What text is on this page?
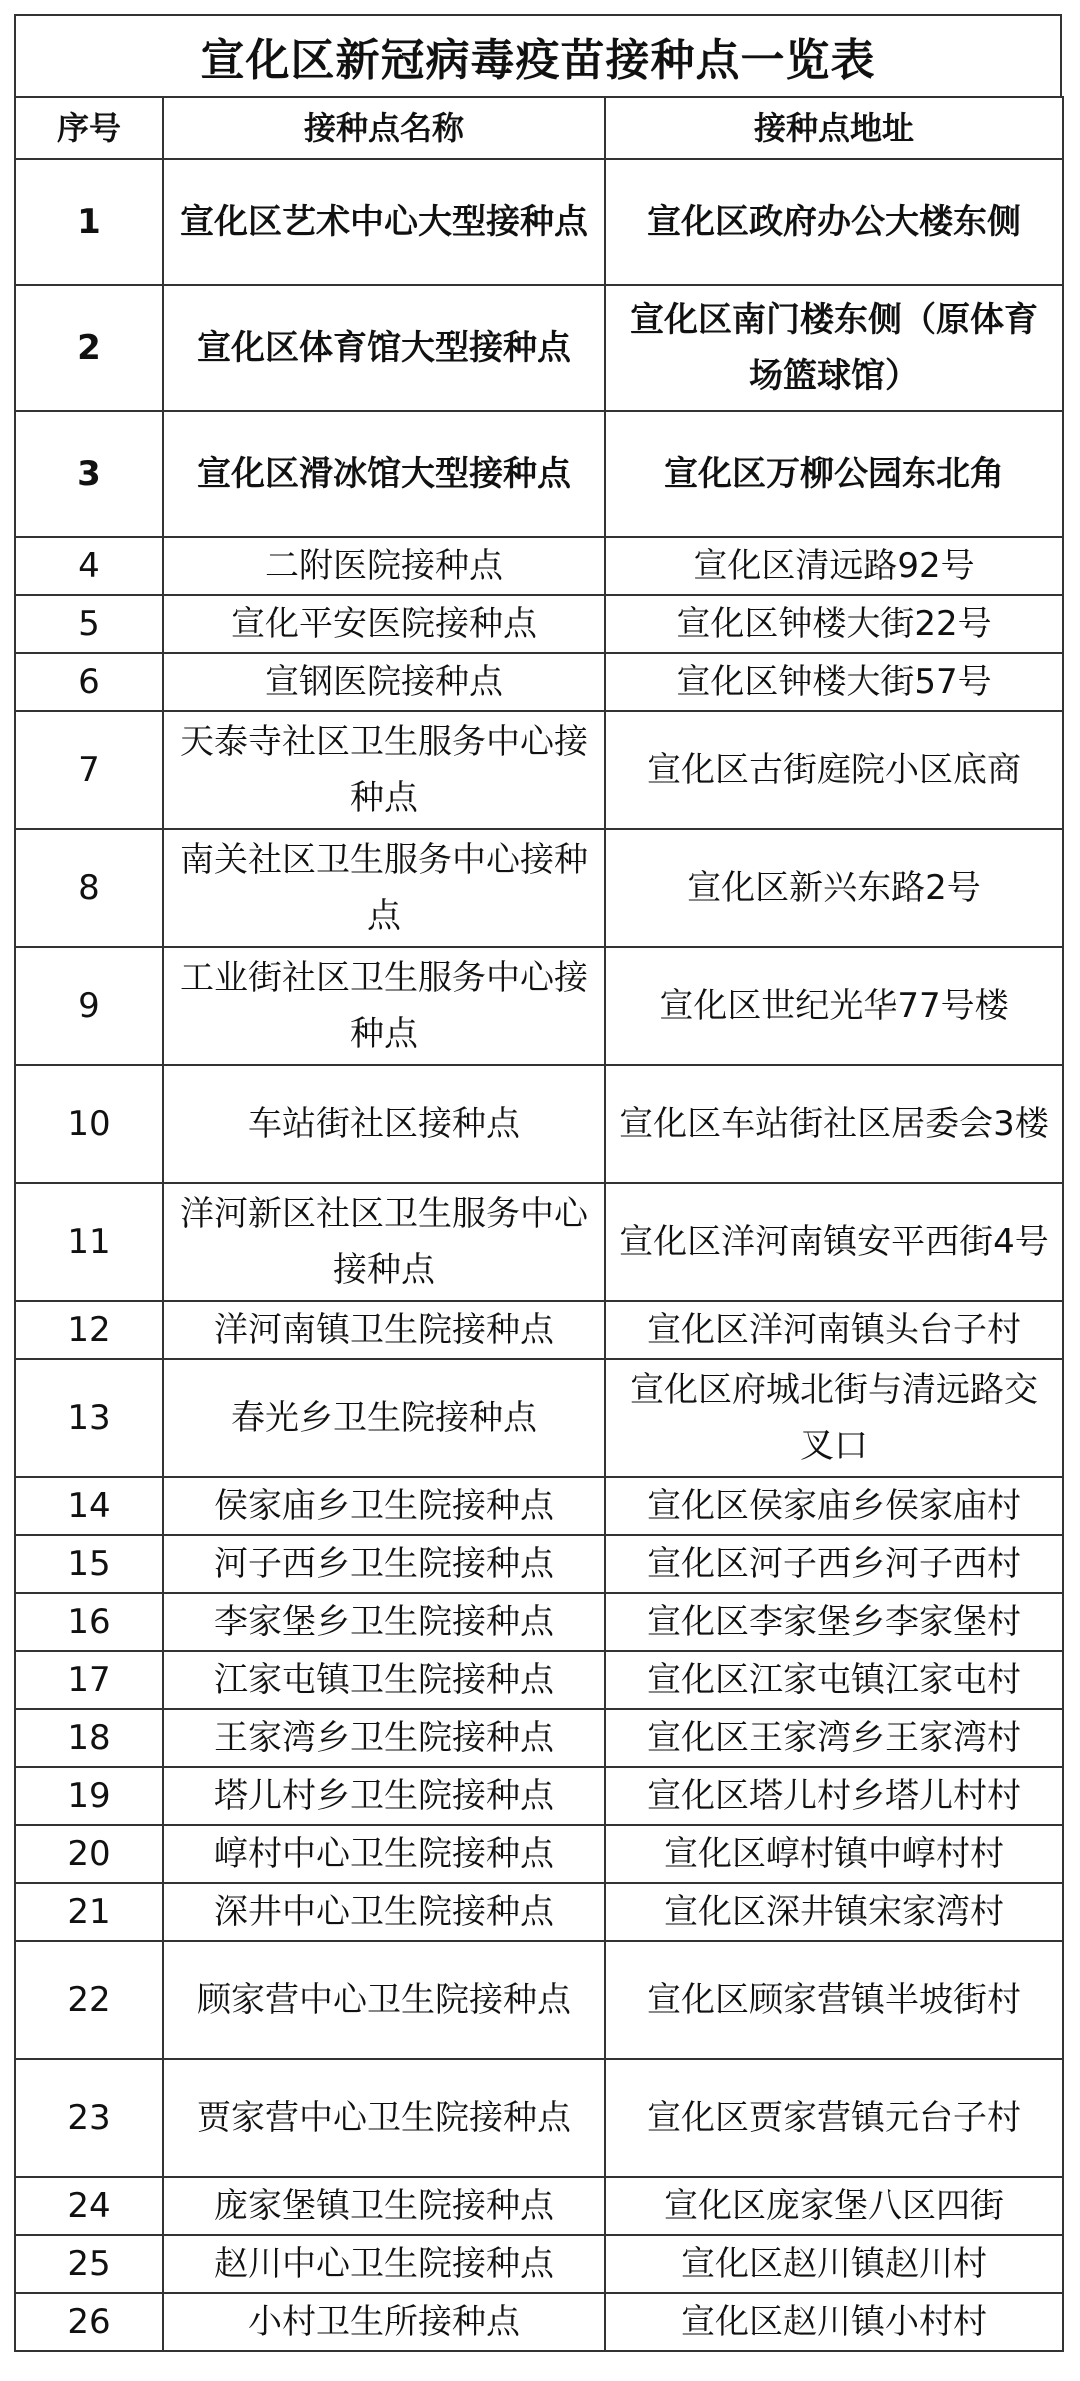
宣化区新冠病毒疫苗接种点一览表
序号	接种点名称	接种点地址
1	宣化区艺术中心大型接种点	宣化区政府办公大楼东侧
2	宣化区体育馆大型接种点	宣化区南门楼东侧（原体育场篮球馆）
3	宣化区滑冰馆大型接种点	宣化区万柳公园东北角
4	二附医院接种点	宣化区清远路92号
5	宣化平安医院接种点	宣化区钟楼大街22号
6	宣钢医院接种点	宣化区钟楼大街57号
7	天泰寺社区卫生服务中心接种点	宣化区古街庭院小区底商
8	南关社区卫生服务中心接种点	宣化区新兴东路2号
9	工业街社区卫生服务中心接种点	宣化区世纪光华77号楼
10	车站街社区接种点	宣化区车站街社区居委会3楼
11	洋河新区社区卫生服务中心接种点	宣化区洋河南镇安平西街4号
12	洋河南镇卫生院接种点	宣化区洋河南镇头台子村
13	春光乡卫生院接种点	宣化区府城北街与清远路交叉口
14	侯家庙乡卫生院接种点	宣化区侯家庙乡侯家庙村
15	河子西乡卫生院接种点	宣化区河子西乡河子西村
16	李家堡乡卫生院接种点	宣化区李家堡乡李家堡村
17	江家屯镇卫生院接种点	宣化区江家屯镇江家屯村
18	王家湾乡卫生院接种点	宣化区王家湾乡王家湾村
19	塔儿村乡卫生院接种点	宣化区塔儿村乡塔儿村村
20	崞村中心卫生院接种点	宣化区崞村镇中崞村村
21	深井中心卫生院接种点	宣化区深井镇宋家湾村
22	顾家营中心卫生院接种点	宣化区顾家营镇半坡街村
23	贾家营中心卫生院接种点	宣化区贾家营镇元台子村
24	庞家堡镇卫生院接种点	宣化区庞家堡八区四街
25	赵川中心卫生院接种点	宣化区赵川镇赵川村
26	小村卫生所接种点	宣化区赵川镇小村村
